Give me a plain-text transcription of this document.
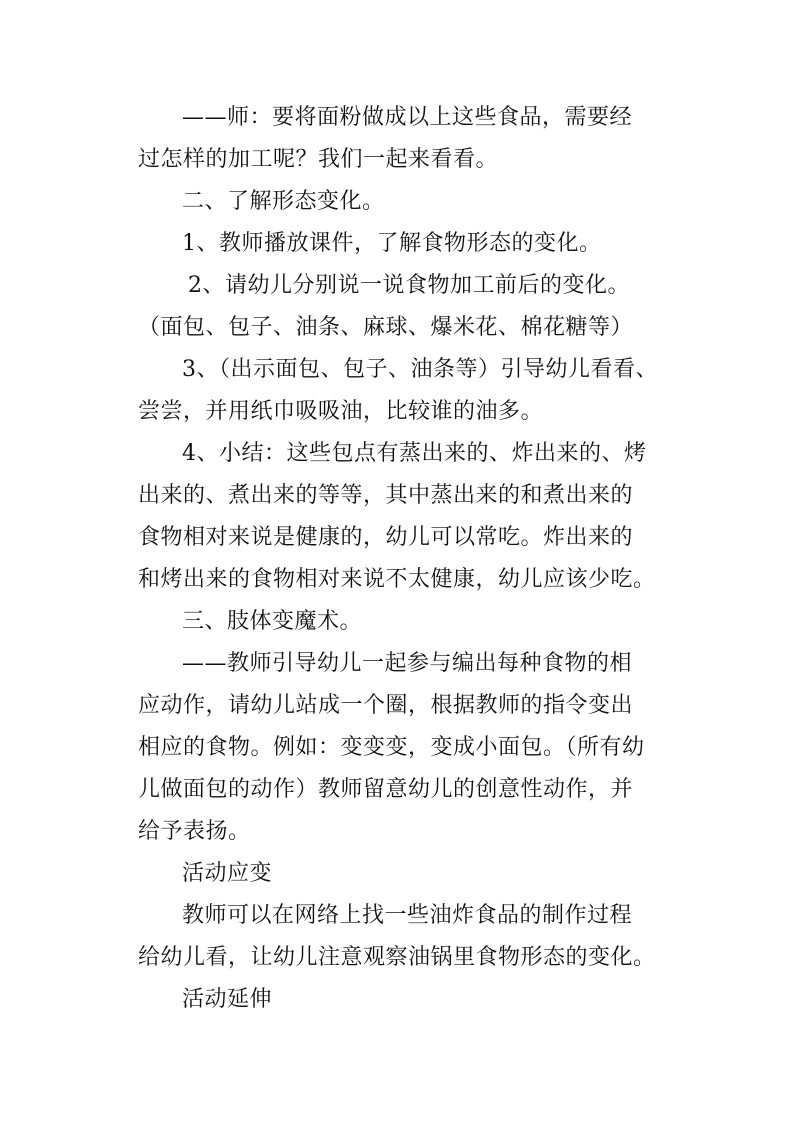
——师：要将面粉做成以上这些食品，需要经
过怎样的加工呢？我们一起来看看。
二、了解形态变化。
1、教师播放课件，了解食物形态的变化。
2、请幼儿分别说一说食物加工前后的变化。
（面包、包子、油条、麻球、爆米花、棉花糖等）
3、（出示面包、包子、油条等）引导幼儿看看、
尝尝，并用纸巾吸吸油，比较谁的油多。
4、小结：这些包点有蒸出来的、炸出来的、烤
出来的、煮出来的等等，其中蒸出来的和煮出来的
食物相对来说是健康的，幼儿可以常吃。炸出来的
和烤出来的食物相对来说不太健康，幼儿应该少吃。
三、肢体变魔术。
——教师引导幼儿一起参与编出每种食物的相
应动作，请幼儿站成一个圈，根据教师的指令变出
相应的食物。例如：变变变，变成小面包。（所有幼
儿做面包的动作）教师留意幼儿的创意性动作，并
给予表扬。
活动应变
教师可以在网络上找一些油炸食品的制作过程
给幼儿看，让幼儿注意观察油锅里食物形态的变化。
活动延伸
